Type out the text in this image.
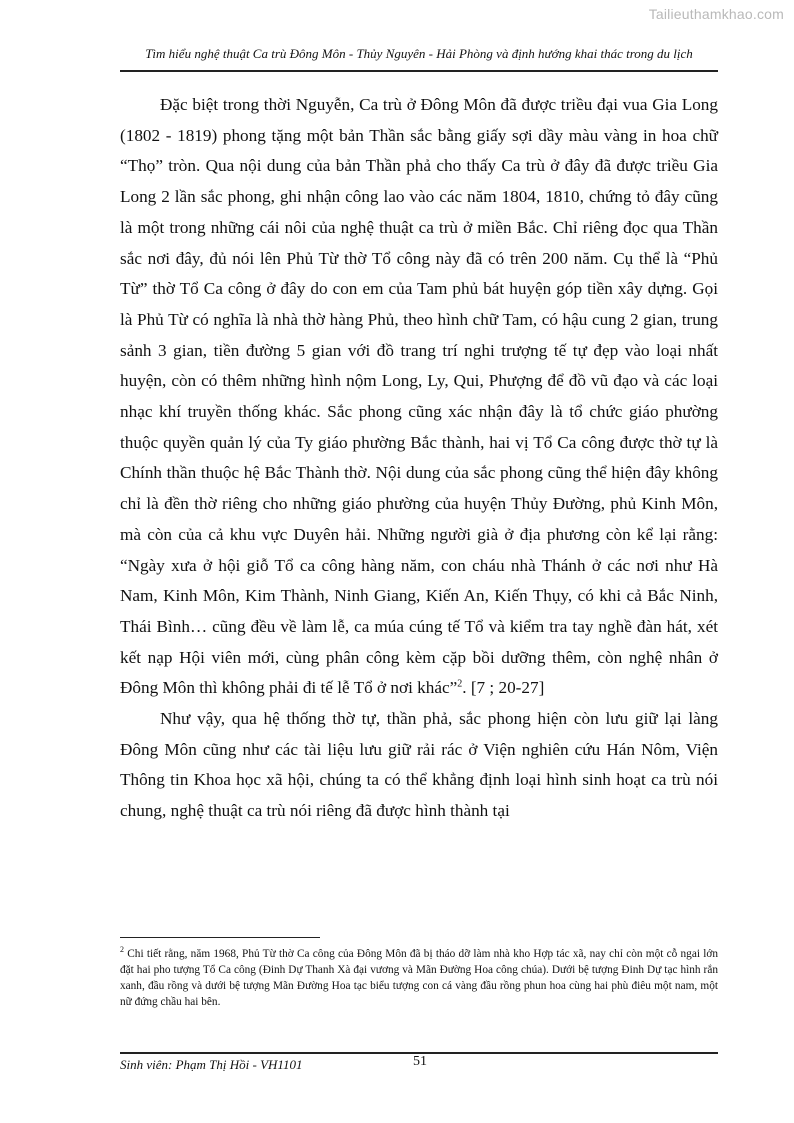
Tailieuthamkhao.com
Tìm hiểu nghệ thuật Ca trù Đông Môn - Thủy Nguyên - Hải Phòng và định hướng khai thác trong du lịch

Đặc biệt trong thời Nguyễn, Ca trù ở Đông Môn đã được triều đại vua Gia Long (1802 - 1819) phong tặng một bản Thần sắc bằng giấy sợi dầy màu vàng in hoa chữ “Thọ” tròn. Qua nội dung của bản Thần phả cho thấy Ca trù ở đây đã được triều Gia Long 2 lần sắc phong, ghi nhận công lao vào các năm 1804, 1810, chứng tỏ đây cũng là một trong những cái nôi của nghệ thuật ca trù ở miền Bắc. Chỉ riêng đọc qua Thần sắc nơi đây, đủ nói lên Phủ Từ thờ Tổ công này đã có trên 200 năm. Cụ thể là “Phủ Từ” thờ Tổ Ca công ở đây do con em của Tam phủ bát huyện góp tiền xây dựng. Gọi là Phủ Từ có nghĩa là nhà thờ hàng Phủ, theo hình chữ Tam, có hậu cung 2 gian, trung sảnh 3 gian, tiền đường 5 gian với đồ trang trí nghi trượng tế tự đẹp vào loại nhất huyện, còn có thêm những hình nộm Long, Ly, Qui, Phượng để đồ vũ đạo và các loại nhạc khí truyền thống khác. Sắc phong cũng xác nhận đây là tổ chức giáo phường thuộc quyền quản lý của Ty giáo phường Bắc thành, hai vị Tổ Ca công được thờ tự là Chính thần thuộc hệ Bắc Thành thờ. Nội dung của sắc phong cũng thể hiện đây không chỉ là đền thờ riêng cho những giáo phường của huyện Thủy Đường, phủ Kinh Môn, mà còn của cả khu vực Duyên hải. Những người già ở địa phương còn kể lại rằng: “Ngày xưa ở hội giỗ Tổ ca công hàng năm, con cháu nhà Thánh ở các nơi như Hà Nam, Kinh Môn, Kim Thành, Ninh Giang, Kiến An, Kiến Thụy, có khi cả Bắc Ninh, Thái Bình… cũng đều về làm lễ, ca múa cúng tế Tổ và kiểm tra tay nghề đàn hát, xét kết nạp Hội viên mới, cùng phân công kèm cặp bồi dưỡng thêm, còn nghệ nhân ở Đông Môn thì không phải đi tế lễ Tổ ở nơi khác”$^2$. [7 ; 20-27]

Như vậy, qua hệ thống thờ tự, thần phả, sắc phong hiện còn lưu giữ lại làng Đông Môn cũng như các tài liệu lưu giữ rải rác ở Viện nghiên cứu Hán Nôm, Viện Thông tin Khoa học xã hội, chúng ta có thể khẳng định loại hình sinh hoạt ca trù nói chung, nghệ thuật ca trù nói riêng đã được hình thành tại

$^2$ Chi tiết rằng, năm 1968, Phủ Từ thờ Ca công của Đông Môn đã bị tháo dỡ làm nhà kho Hợp tác xã, nay chỉ còn một cỗ ngai lớn đặt hai pho tượng Tổ Ca công (Đinh Dự Thanh Xà đại vương và Mãn Đường Hoa công chúa). Dưới bệ tượng Đinh Dự tạc hình rắn xanh, đầu rồng và dưới bệ tượng Mãn Đường Hoa tạc biểu tượng con cá vàng đầu rồng phun hoa cùng hai phù điêu một nam, một nữ đứng chầu hai bên.

Sinh viên: Phạm Thị Hồi - VH1101	51
